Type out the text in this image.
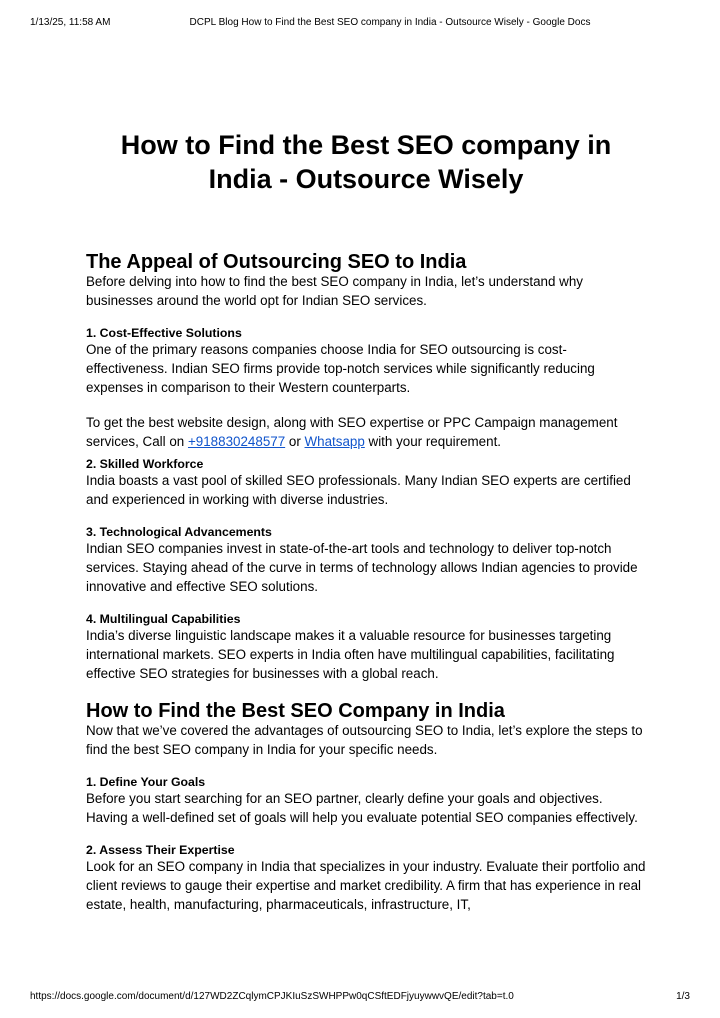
1/13/25, 11:58 AM	DCPL Blog How to Find the Best SEO company in India - Outsource Wisely - Google Docs
How to Find the Best SEO company in India - Outsource Wisely
The Appeal of Outsourcing SEO to India

Before delving into how to find the best SEO company in India, let’s understand why businesses around the world opt for Indian SEO services.

1. Cost-Effective Solutions

One of the primary reasons companies choose India for SEO outsourcing is cost-effectiveness. Indian SEO firms provide top-notch services while significantly reducing expenses in comparison to their Western counterparts.

To get the best website design, along with SEO expertise or PPC Campaign management services, Call on +918830248577 or Whatsapp with your requirement.

2. Skilled Workforce

India boasts a vast pool of skilled SEO professionals. Many Indian SEO experts are certified and experienced in working with diverse industries.

3. Technological Advancements

Indian SEO companies invest in state-of-the-art tools and technology to deliver top-notch services. Staying ahead of the curve in terms of technology allows Indian agencies to provide innovative and effective SEO solutions.

4. Multilingual Capabilities

India’s diverse linguistic landscape makes it a valuable resource for businesses targeting international markets. SEO experts in India often have multilingual capabilities, facilitating effective SEO strategies for businesses with a global reach.

How to Find the Best SEO Company in India

Now that we’ve covered the advantages of outsourcing SEO to India, let’s explore the steps to find the best SEO company in India for your specific needs.

1. Define Your Goals

Before you start searching for an SEO partner, clearly define your goals and objectives. Having a well-defined set of goals will help you evaluate potential SEO companies effectively.

2. Assess Their Expertise

Look for an SEO company in India that specializes in your industry. Evaluate their portfolio and client reviews to gauge their expertise and market credibility. A firm that has experience in real estate, health, manufacturing, pharmaceuticals, infrastructure, IT,

https://docs.google.com/document/d/127WD2ZCqlymCPJKIuSzSWHPPw0qCSftEDFjyuywwvQE/edit?tab=t.0	1/3
